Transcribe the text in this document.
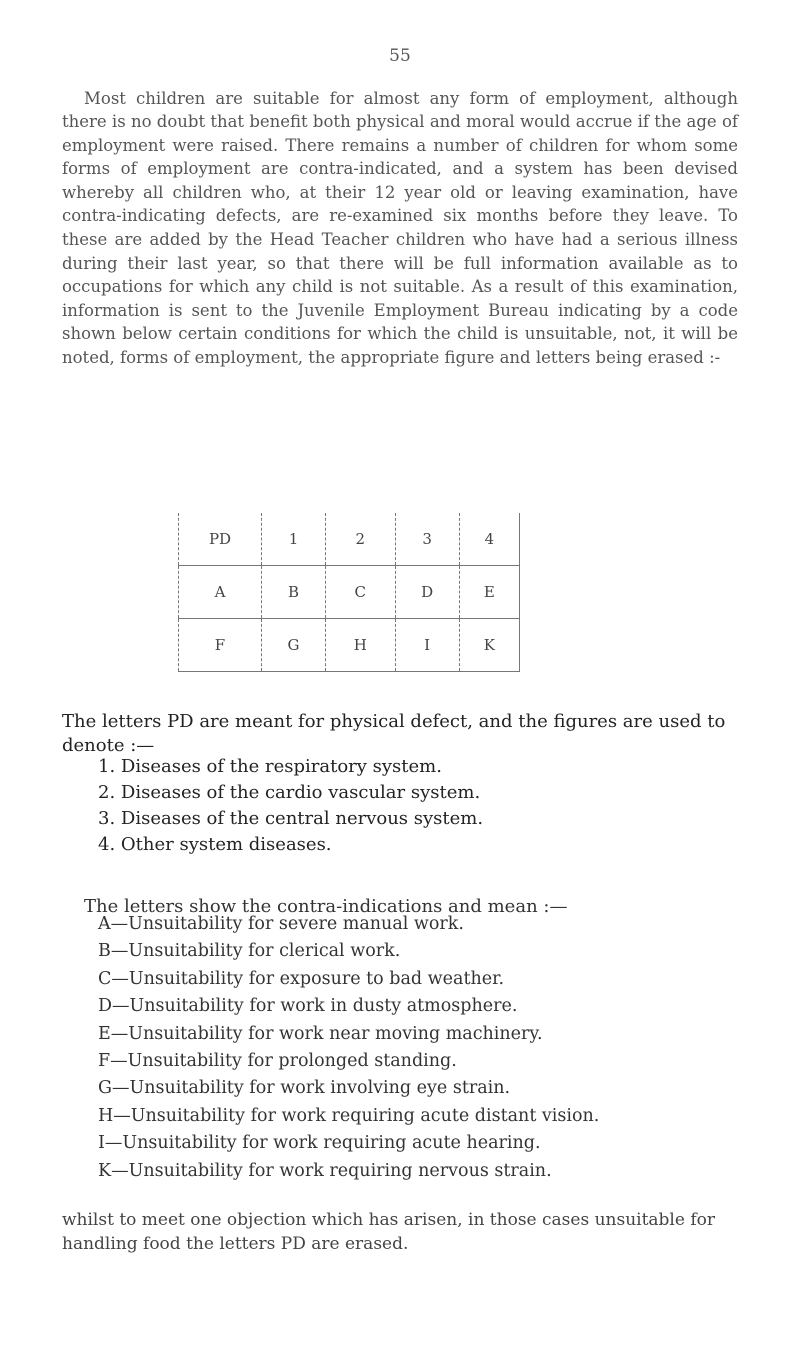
55

Most children are suitable for almost any form of employment, although there is no doubt that benefit both physical and moral would accrue if the age of employment were raised. There remains a number of children for whom some forms of employment are contra-indicated, and a system has been devised whereby all children who, at their 12 year old or leaving examination, have contra-indicating defects, are re-examined six months before they leave. To these are added by the Head Teacher children who have had a serious illness during their last year, so that there will be full information available as to occupations for which any child is not suitable. As a result of this examination, information is sent to the Juvenile Employment Bureau indicating by a code shown below certain conditions for which the child is unsuitable, not, it will be noted, forms of employment, the appropriate figure and letters being erased :-

PD	1	2	3	4
A	B	C	D	E
F	G	H	I	K

The letters PD are meant for physical defect, and the figures are used to denote :—

1. Diseases of the respiratory system.
2. Diseases of the cardio vascular system.
3. Diseases of the central nervous system.
4. Other system diseases.

The letters show the contra-indications and mean :—

A—Unsuitability for severe manual work.
B—Unsuitability for clerical work.
C—Unsuitability for exposure to bad weather.
D—Unsuitability for work in dusty atmosphere.
E—Unsuitability for work near moving machinery.
F—Unsuitability for prolonged standing.
G—Unsuitability for work involving eye strain.
H—Unsuitability for work requiring acute distant vision.
I—Unsuitability for work requiring acute hearing.
K—Unsuitability for work requiring nervous strain.

whilst to meet one objection which has arisen, in those cases unsuitable for handling food the letters PD are erased.
